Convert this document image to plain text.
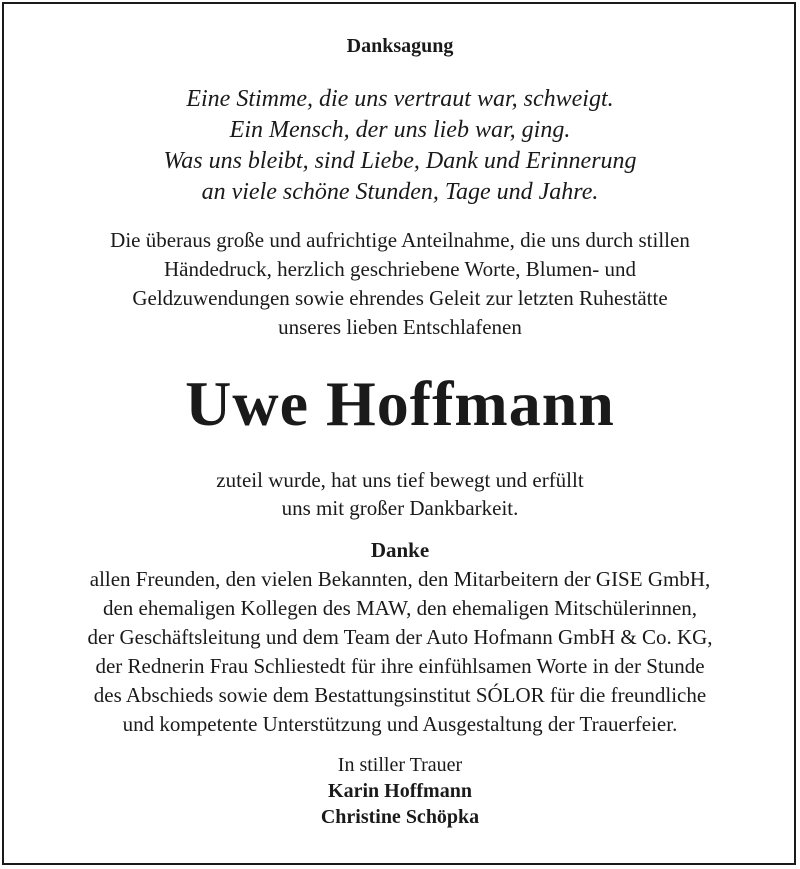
Danksagung
Eine Stimme, die uns vertraut war, schweigt.
Ein Mensch, der uns lieb war, ging.
Was uns bleibt, sind Liebe, Dank und Erinnerung
an viele schöne Stunden, Tage und Jahre.
Die überaus große und aufrichtige Anteilnahme, die uns durch stillen
Händedruck, herzlich geschriebene Worte, Blumen- und
Geldzuwendungen sowie ehrendes Geleit zur letzten Ruhestätte
unseres lieben Entschlafenen
Uwe Hoffmann
zuteil wurde, hat uns tief bewegt und erfüllt
uns mit großer Dankbarkeit.
Danke
allen Freunden, den vielen Bekannten, den Mitarbeitern der GISE GmbH,
den ehemaligen Kollegen des MAW, den ehemaligen Mitschülerinnen,
der Geschäftsleitung und dem Team der Auto Hofmann GmbH & Co. KG,
der Rednerin Frau Schliestedt für ihre einfühlsamen Worte in der Stunde
des Abschieds sowie dem Bestattungsinstitut SÓLOR für die freundliche
und kompetente Unterstützung und Ausgestaltung der Trauerfeier.
In stiller Trauer
Karin Hoffmann
Christine Schöpka
